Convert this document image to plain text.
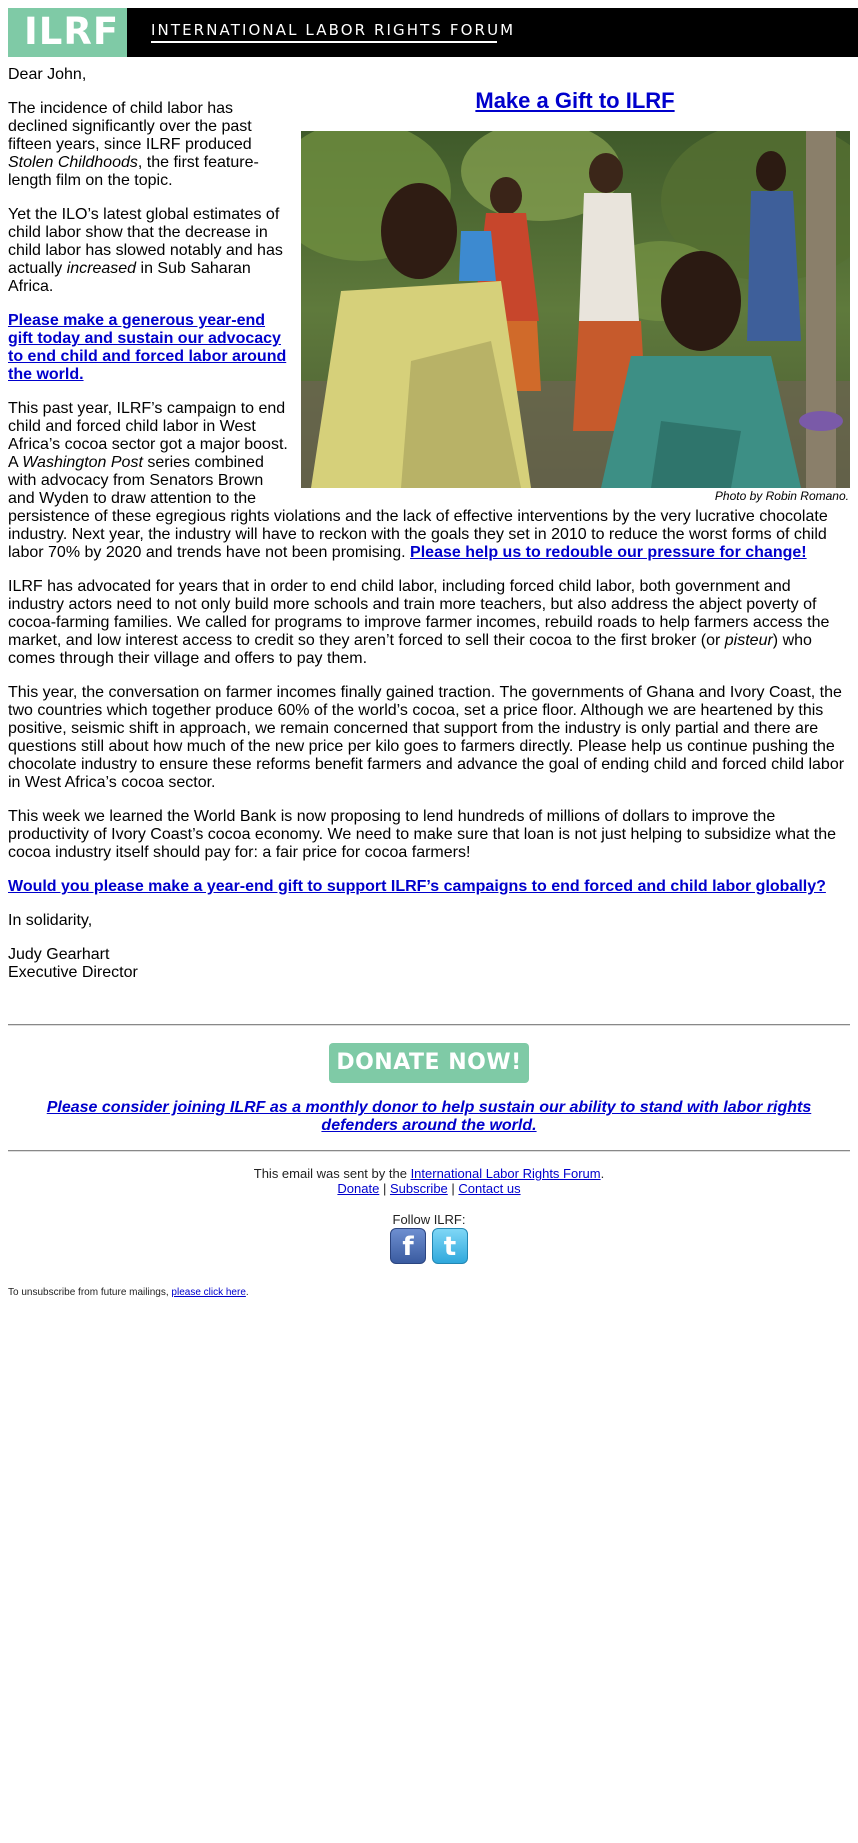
ILRF INTERNATIONAL LABOR RIGHTS FORUM
Make a Gift to ILRF
Photo by Robin Romano.

Dear John,

The incidence of child labor has declined significantly over the past fifteen years, since ILRF produced Stolen Childhoods, the first feature-length film on the topic.

Yet the ILO’s latest global estimates of child labor show that the decrease in child labor has slowed notably and has actually increased in Sub Saharan Africa.

Please make a generous year-end gift today and sustain our advocacy to end child and forced labor around the world.

This past year, ILRF’s campaign to end child and forced child labor in West Africa’s cocoa sector got a major boost. A Washington Post series combined with advocacy from Senators Brown and Wyden to draw attention to the persistence of these egregious rights violations and the lack of effective interventions by the very lucrative chocolate industry. Next year, the industry will have to reckon with the goals they set in 2010 to reduce the worst forms of child labor 70% by 2020 and trends have not been promising. Please help us to redouble our pressure for change!

ILRF has advocated for years that in order to end child labor, including forced child labor, both government and industry actors need to not only build more schools and train more teachers, but also address the abject poverty of cocoa-farming families. We called for programs to improve farmer incomes, rebuild roads to help farmers access the market, and low interest access to credit so they aren’t forced to sell their cocoa to the first broker (or pisteur) who comes through their village and offers to pay them.

This year, the conversation on farmer incomes finally gained traction. The governments of Ghana and Ivory Coast, the two countries which together produce 60% of the world’s cocoa, set a price floor. Although we are heartened by this positive, seismic shift in approach, we remain concerned that support from the industry is only partial and there are questions still about how much of the new price per kilo goes to farmers directly. Please help us continue pushing the chocolate industry to ensure these reforms benefit farmers and advance the goal of ending child and forced child labor in West Africa’s cocoa sector.

This week we learned the World Bank is now proposing to lend hundreds of millions of dollars to improve the productivity of Ivory Coast’s cocoa economy. We need to make sure that loan is not just helping to subsidize what the cocoa industry itself should pay for: a fair price for cocoa farmers!

Would you please make a year-end gift to support ILRF’s campaigns to end forced and child labor globally?

In solidarity,

Judy Gearhart
Executive Director

DONATE NOW!
Please consider joining ILRF as a monthly donor to help sustain our ability to stand with labor rights defenders around the world.
This email was sent by the International Labor Rights Forum.
Donate | Subscribe | Contact us
Follow ILRF:
f	t
To unsubscribe from future mailings, please click here.
